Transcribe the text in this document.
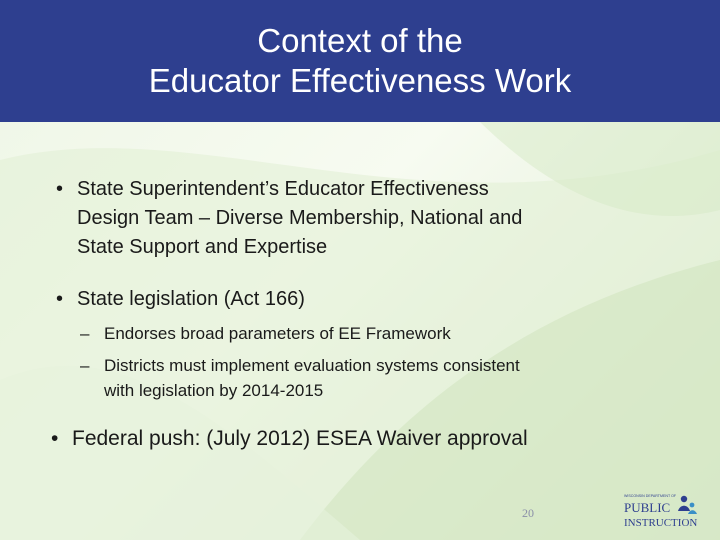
Context of the
Educator Effectiveness Work
• State Superintendent’s Educator Effectiveness
Design Team – Diverse Membership, National and
State Support and Expertise
• State legislation (Act 166)
– Endorses broad parameters of EE Framework
– Districts must implement evaluation systems consistent
with legislation by 2014-2015
• Federal push: (July 2012) ESEA Waiver approval
20
WISCONSIN DEPARTMENT OF
PUBLIC
INSTRUCTION
